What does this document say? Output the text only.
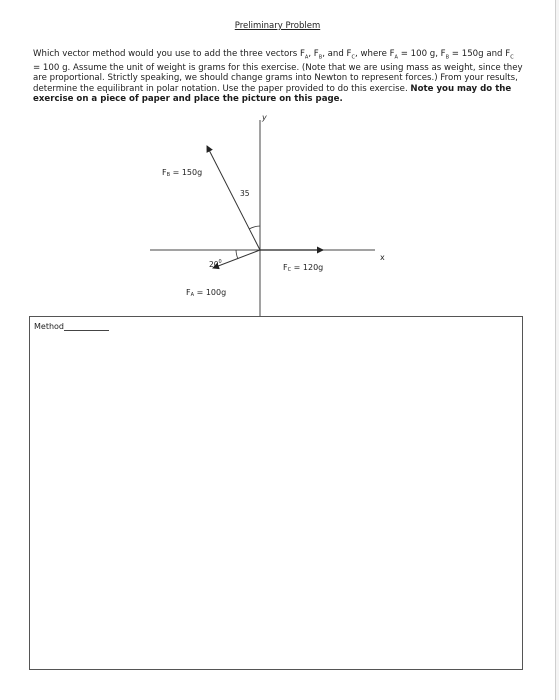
Preliminary Problem
Which vector method would you use to add the three vectors $F_A$, $F_B$, and $F_C$, where $F_A = 100$ g, $F_B = 150g$ and $F_C = 100$ g. Assume the unit of weight is grams for this exercise. (Note that we are using mass as weight, since they are proportional. Strictly speaking, we should change grams into Newton to represent forces.) From your results, determine the equilibrant in polar notation. Use the paper provided to do this exercise. Note you may do the exercise on a piece of paper and place the picture on this page.
y
x
FB = 150g
35
FC = 120g
$20^0$
FA = 100g
Method
